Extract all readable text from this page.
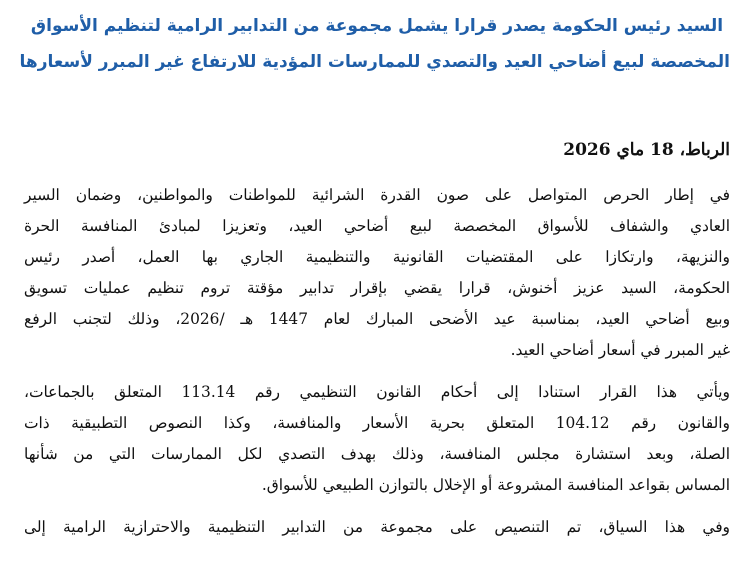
السيد رئيس الحكومة يصدر قرارا يشمل مجموعة من التدابير الرامية لتنظيم الأسواق
المخصصة لبيع أضاحي العيد والتصدي للممارسات المؤدية للارتفاع غير المبرر لأسعارها
الرباط، 18 ماي 2026
في إطار الحرص المتواصل على صون القدرة الشرائية للمواطنات والمواطنين، وضمان السير
العادي والشفاف للأسواق المخصصة لبيع أضاحي العيد، وتعزيزا لمبادئ المنافسة الحرة
والنزيهة، وارتكازا على المقتضيات القانونية والتنظيمية الجاري بها العمل، أصدر رئيس
الحكومة، السيد عزيز أخنوش، قرارا يقضي بإقرار تدابير مؤقتة تروم تنظيم عمليات تسويق
وبيع أضاحي العيد، بمناسبة عيد الأضحى المبارك لعام 1447 هـ /2026، وذلك لتجنب الرفع
غير المبرر في أسعار أضاحي العيد.
ويأتي هذا القرار استنادا إلى أحكام القانون التنظيمي رقم 113.14 المتعلق بالجماعات،
والقانون رقم 104.12 المتعلق بحرية الأسعار والمنافسة، وكذا النصوص التطبيقية ذات
الصلة، وبعد استشارة مجلس المنافسة، وذلك بهدف التصدي لكل الممارسات التي من شأنها
المساس بقواعد المنافسة المشروعة أو الإخلال بالتوازن الطبيعي للأسواق.
وفي هذا السياق، تم التنصيص على مجموعة من التدابير التنظيمية والاحترازية الرامية إلى
